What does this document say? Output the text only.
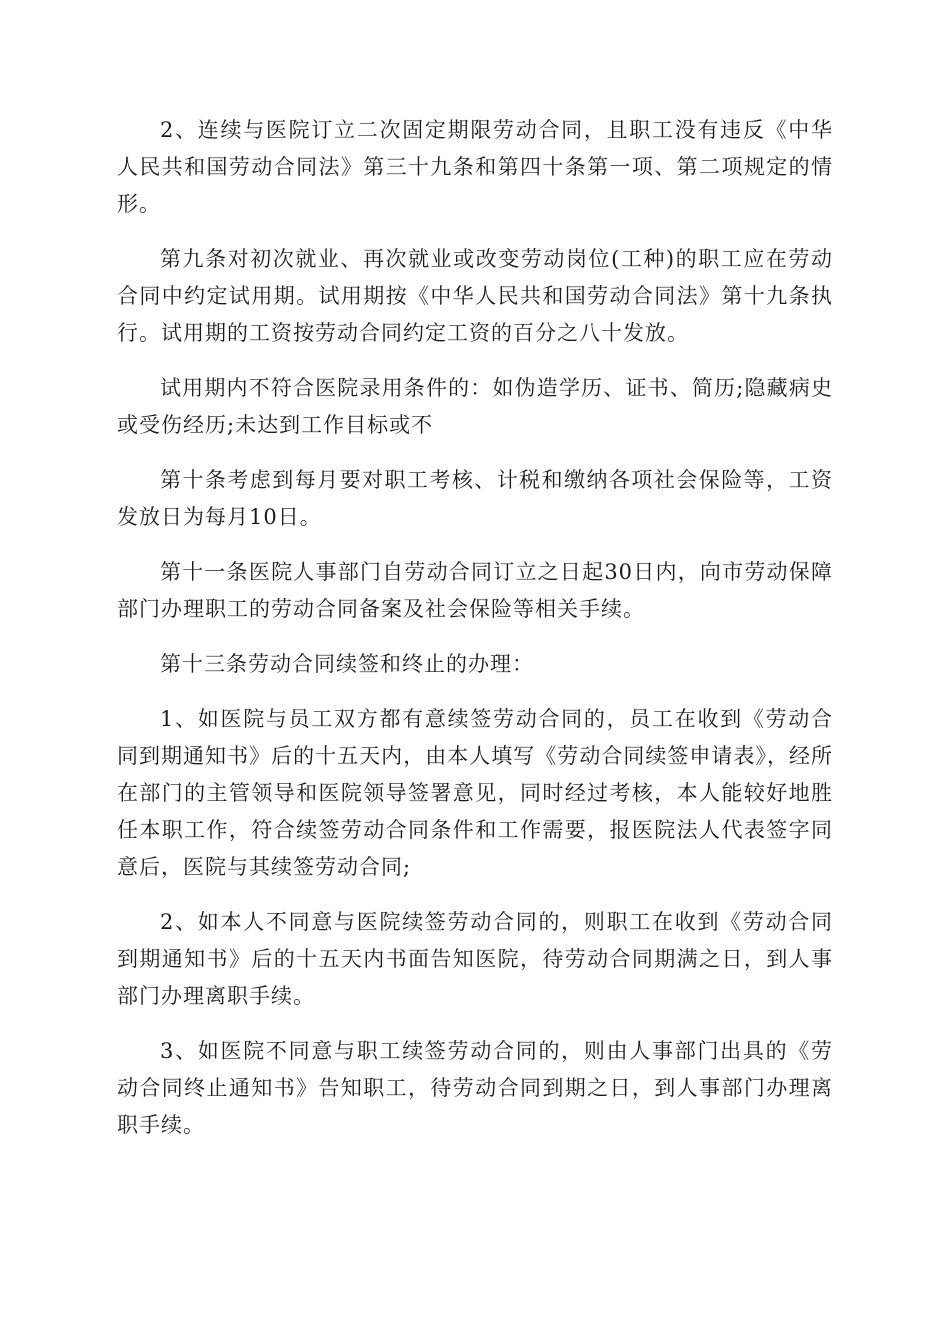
2、连续与医院订立二次固定期限劳动合同，且职工没有违反《中华人民共和国劳动合同法》第三十九条和第四十条第一项、第二项规定的情形。

第九条对初次就业、再次就业或改变劳动岗位(工种)的职工应在劳动合同中约定试用期。试用期按《中华人民共和国劳动合同法》第十九条执行。试用期的工资按劳动合同约定工资的百分之八十发放。

试用期内不符合医院录用条件的：如伪造学历、证书、简历;隐藏病史或受伤经历;未达到工作目标或不

第十条考虑到每月要对职工考核、计税和缴纳各项社会保险等，工资发放日为每月10日。

第十一条医院人事部门自劳动合同订立之日起30日内，向市劳动保障部门办理职工的劳动合同备案及社会保险等相关手续。

第十三条劳动合同续签和终止的办理：

1、如医院与员工双方都有意续签劳动合同的，员工在收到《劳动合同到期通知书》后的十五天内，由本人填写《劳动合同续签申请表》，经所在部门的主管领导和医院领导签署意见，同时经过考核，本人能较好地胜任本职工作，符合续签劳动合同条件和工作需要，报医院法人代表签字同意后，医院与其续签劳动合同;

2、如本人不同意与医院续签劳动合同的，则职工在收到《劳动合同到期通知书》后的十五天内书面告知医院，待劳动合同期满之日，到人事部门办理离职手续。

3、如医院不同意与职工续签劳动合同的，则由人事部门出具的《劳动合同终止通知书》告知职工，待劳动合同到期之日，到人事部门办理离职手续。
